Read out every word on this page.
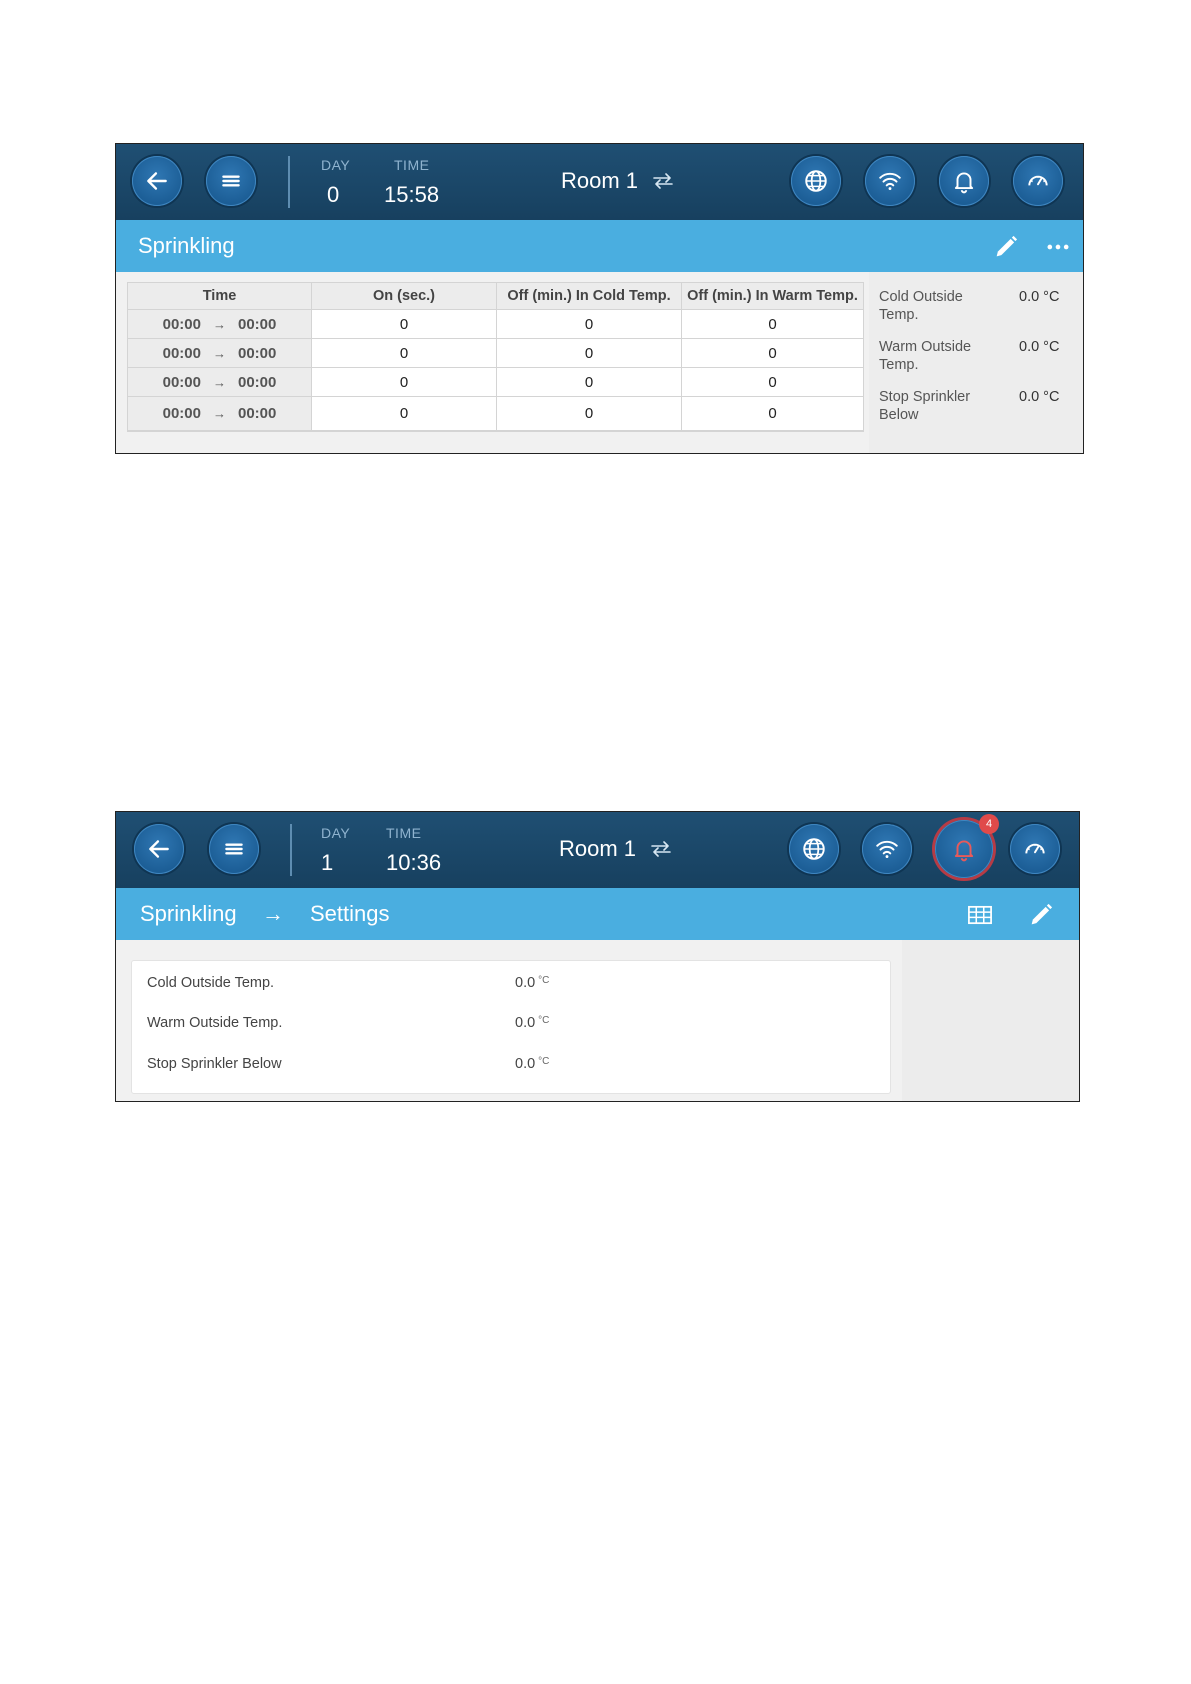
DAY
0
TIME
15:58
Room 1
Sprinkling
Time	On (sec.)	Off (min.) In Cold Temp.	Off (min.) In Warm Temp.
00:00 → 00:00	0	0	0
00:00 → 00:00	0	0	0
00:00 → 00:00	0	0	0
00:00 → 00:00	0	0	0
Cold Outside Temp.
0.0 °C
Warm Outside Temp.
0.0 °C
Stop Sprinkler Below
0.0 °C
DAY
1
TIME
10:36
Room 1
4
Sprinkling → Settings
Cold Outside Temp.	0.0 $^{^\circ C}$
Warm Outside Temp.	0.0 $^{^\circ C}$
Stop Sprinkler Below	0.0 $^{^\circ C}$
